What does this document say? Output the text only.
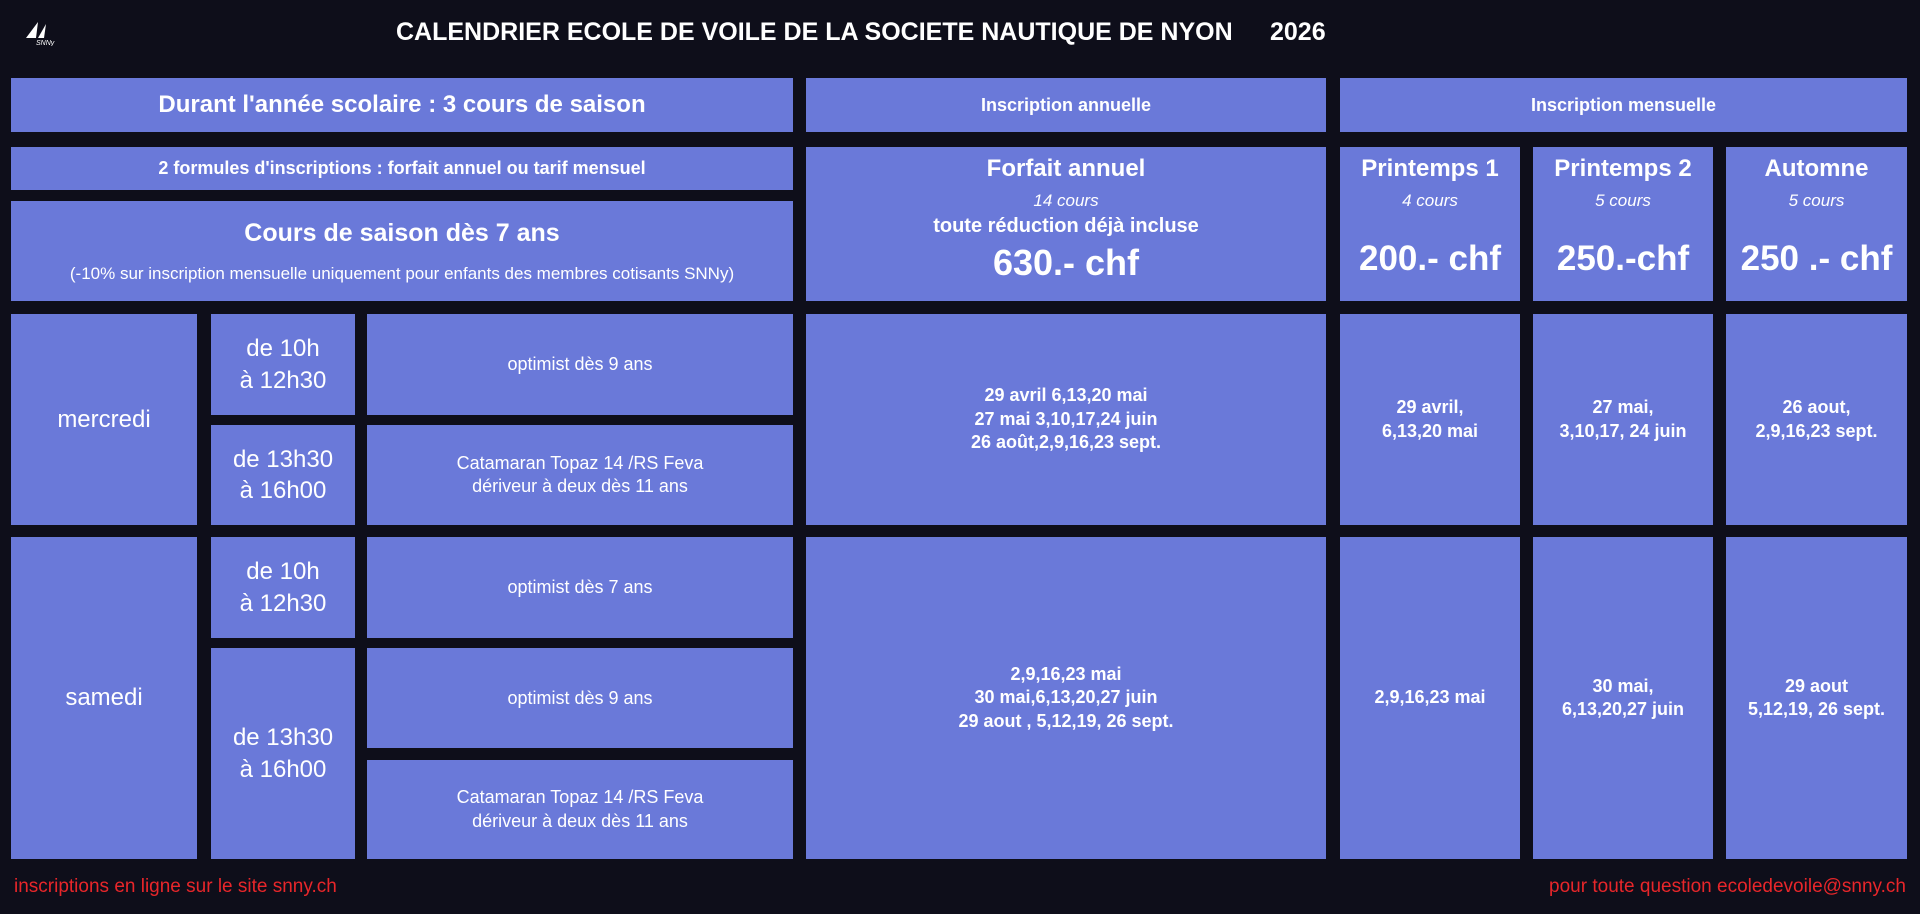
SNNy	CALENDRIER ECOLE DE VOILE DE LA SOCIETE NAUTIQUE DE NYON 2026
Durant l'année scolaire : 3 cours de saison
2 formules d'inscriptions : forfait annuel ou tarif mensuel
Cours de saison dès 7 ans
(-10% sur inscription mensuelle uniquement pour enfants des membres cotisants SNNy)
Inscription annuelle
Forfait annuel
14 cours
toute réduction déjà incluse
630.- chf
Inscription mensuelle
Printemps 1
4 cours
200.- chf
Printemps 2
5 cours
250.-chf
Automne
5 cours
250 .- chf
mercredi
de 10h
à 12h30
optimist dès 9 ans
de 13h30
à 16h00
Catamaran Topaz 14 /RS Feva
dériveur à deux dès 11 ans
29 avril 6,13,20 mai
27 mai 3,10,17,24 juin
26 août,2,9,16,23 sept.
29 avril,
6,13,20 mai
27 mai,
3,10,17, 24 juin
26 aout,
2,9,16,23 sept.
samedi
de 10h
à 12h30
optimist dès 7 ans
de 13h30
à 16h00
optimist dès 9 ans
Catamaran Topaz 14 /RS Feva
dériveur à deux dès 11 ans
2,9,16,23 mai
30 mai,6,13,20,27 juin
29 aout , 5,12,19, 26 sept.
2,9,16,23 mai
30 mai,
6,13,20,27 juin
29 aout
5,12,19, 26 sept.
inscriptions en ligne sur le site snny.ch	pour toute question ecoledevoile@snny.ch
